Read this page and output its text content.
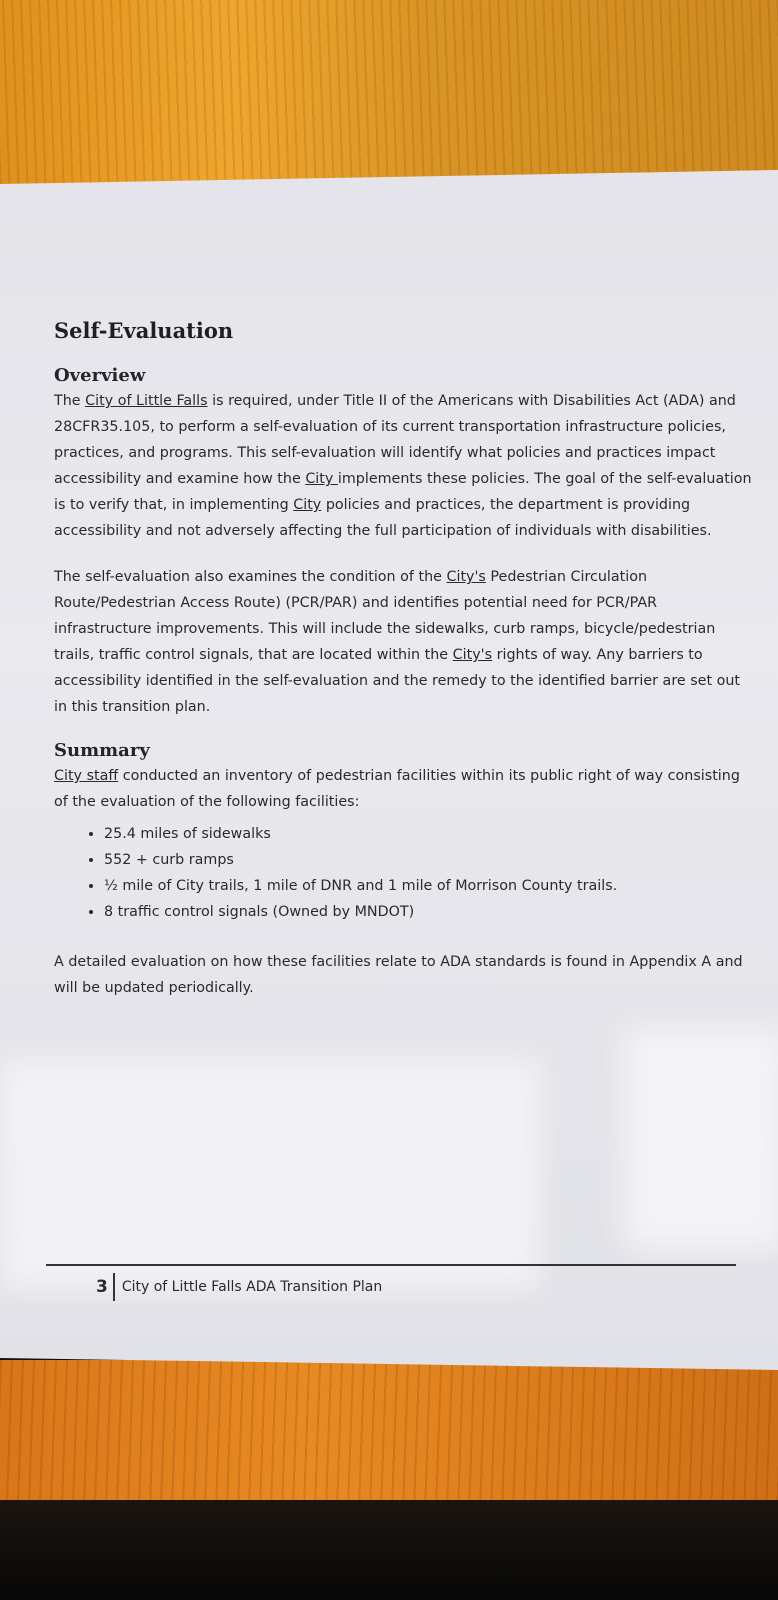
Self-Evaluation
Overview

The City of Little Falls is required, under Title II of the Americans with Disabilities Act (ADA) and 28CFR35.105, to perform a self-evaluation of its current transportation infrastructure policies, practices, and programs. This self-evaluation will identify what policies and practices impact accessibility and examine how the City implements these policies. The goal of the self-evaluation is to verify that, in implementing City policies and practices, the department is providing accessibility and not adversely affecting the full participation of individuals with disabilities.

The self-evaluation also examines the condition of the City's Pedestrian Circulation Route/Pedestrian Access Route) (PCR/PAR) and identifies potential need for PCR/PAR infrastructure improvements. This will include the sidewalks, curb ramps, bicycle/pedestrian trails, traffic control signals, that are located within the City's rights of way. Any barriers to accessibility identified in the self-evaluation and the remedy to the identified barrier are set out in this transition plan.

Summary

City staff conducted an inventory of pedestrian facilities within its public right of way consisting of the evaluation of the following facilities:

• 25.4 miles of sidewalks
• 552 + curb ramps
• ½ mile of City trails, 1 mile of DNR and 1 mile of Morrison County trails.
• 8 traffic control signals (Owned by MNDOT)

A detailed evaluation on how these facilities relate to ADA standards is found in Appendix A and will be updated periodically.

3	City of Little Falls ADA Transition Plan
